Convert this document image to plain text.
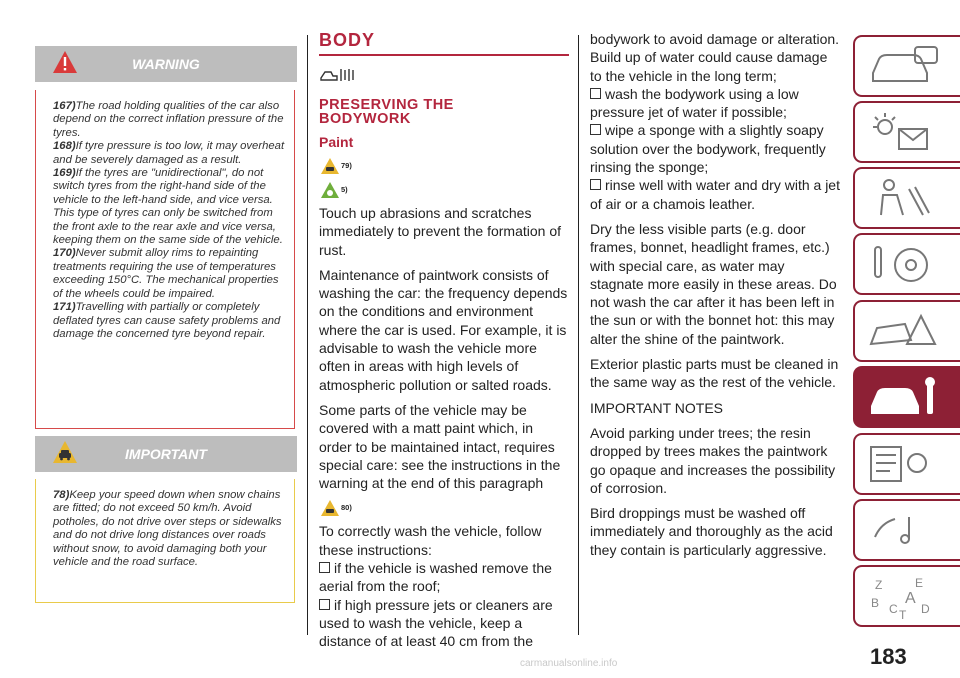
WARNING

167)The road holding qualities of the car also depend on the correct inflation pressure of the tyres.

168)If tyre pressure is too low, it may overheat and be severely damaged as a result.

169)If the tyres are "unidirectional", do not switch tyres from the right-hand side of the vehicle to the left-hand side, and vice versa. This type of tyres can only be switched from the front axle to the rear axle and vice versa, keeping them on the same side of the vehicle.

170)Never submit alloy rims to repainting treatments requiring the use of temperatures exceeding 150°C. The mechanical properties of the wheels could be impaired.

171)Travelling with partially or completely deflated tyres can cause safety problems and damage the concerned tyre beyond repair.

IMPORTANT

78)Keep your speed down when snow chains are fitted; do not exceed 50 km/h. Avoid potholes, do not drive over steps or sidewalks and do not drive long distances over roads without snow, to avoid damaging both your vehicle and the road surface.

BODY
PRESERVING THE
BODYWORK
Paint
79)
5)

Touch up abrasions and scratches immediately to prevent the formation of rust.

Maintenance of paintwork consists of washing the car: the frequency depends on the conditions and environment where the car is used. For example, it is advisable to wash the vehicle more often in areas with high levels of atmospheric pollution or salted roads.

Some parts of the vehicle may be covered with a matt paint which, in order to be maintained intact, requires special care: see the instructions in the warning at the end of this paragraph

80)

To correctly wash the vehicle, follow these instructions:

if the vehicle is washed remove the aerial from the roof;

if high pressure jets or cleaners are used to wash the vehicle, keep a distance of at least 40 cm from the

bodywork to avoid damage or alteration. Build up of water could cause damage to the vehicle in the long term;

wash the bodywork using a low pressure jet of water if possible;

wipe a sponge with a slightly soapy solution over the bodywork, frequently rinsing the sponge;

rinse well with water and dry with a jet of air or a chamois leather.

Dry the less visible parts (e.g. door frames, bonnet, headlight frames, etc.) with special care, as water may stagnate more easily in these areas. Do not wash the car after it has been left in the sun or with the bonnet hot: this may alter the shine of the paintwork.

Exterior plastic parts must be cleaned in the same way as the rest of the vehicle.

IMPORTANT NOTES

Avoid parking under trees; the resin dropped by trees makes the paintwork go opaque and increases the possibility of corrosion.

Bird droppings must be washed off immediately and thoroughly as the acid they contain is particularly aggressive.

Z	E
B A
C D
T
183
carmanualsonline.info
